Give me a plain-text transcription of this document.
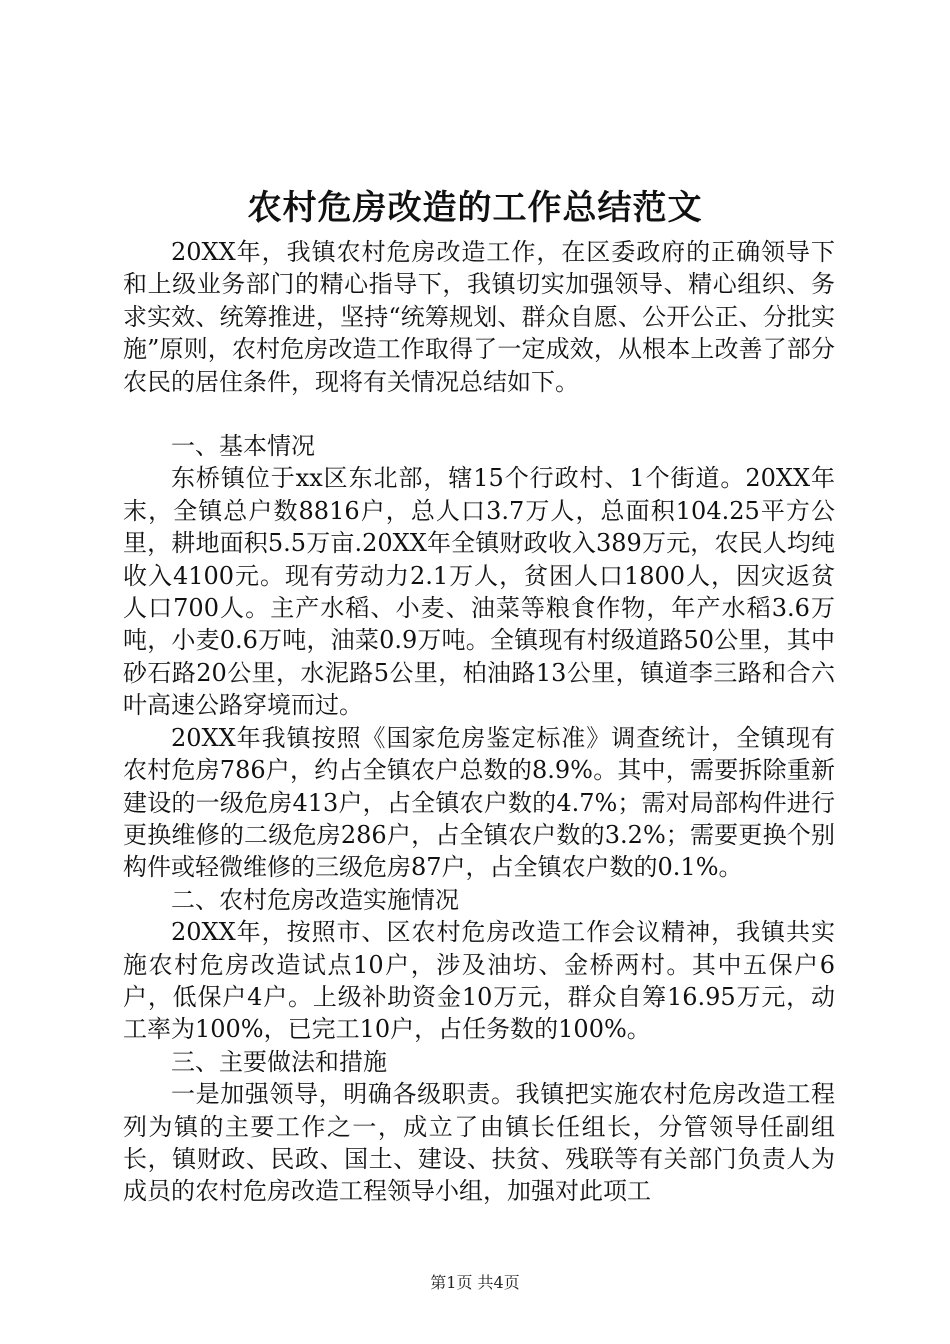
农村危房改造的工作总结范文

20XX年，我镇农村危房改造工作，在区委政府的正确领导下和上级业务部门的精心指导下，我镇切实加强领导、精心组织、务求实效、统筹推进，坚持“统筹规划、群众自愿、公开公正、分批实施”原则，农村危房改造工作取得了一定成效，从根本上改善了部分农民的居住条件，现将有关情况总结如下。

一、基本情况

东桥镇位于xx区东北部，辖15个行政村、1个街道。20XX年末，全镇总户数8816户，总人口3.7万人，总面积104.25平方公里，耕地面积5.5万亩.20XX年全镇财政收入389万元，农民人均纯收入4100元。现有劳动力2.1万人，贫困人口1800人，因灾返贫人口700人。主产水稻、小麦、油菜等粮食作物，年产水稻3.6万吨，小麦0.6万吨，油菜0.9万吨。全镇现有村级道路50公里，其中砂石路20公里，水泥路5公里，柏油路13公里，镇道李三路和合六叶高速公路穿境而过。

20XX年我镇按照《国家危房鉴定标准》调查统计，全镇现有农村危房786户，约占全镇农户总数的8.9%。其中，需要拆除重新建设的一级危房413户，占全镇农户数的4.7%；需对局部构件进行更换维修的二级危房286户，占全镇农户数的3.2%；需要更换个别构件或轻微维修的三级危房87户，占全镇农户数的0.1%。

二、农村危房改造实施情况

20XX年，按照市、区农村危房改造工作会议精神，我镇共实施农村危房改造试点10户，涉及油坊、金桥两村。其中五保户6户，低保户4户。上级补助资金10万元，群众自筹16.95万元，动工率为100%，已完工10户，占任务数的100%。

三、主要做法和措施

一是加强领导，明确各级职责。我镇把实施农村危房改造工程列为镇的主要工作之一，成立了由镇长任组长，分管领导任副组长，镇财政、民政、国土、建设、扶贫、残联等有关部门负责人为成员的农村危房改造工程领导小组，加强对此项工

第1页 共4页
